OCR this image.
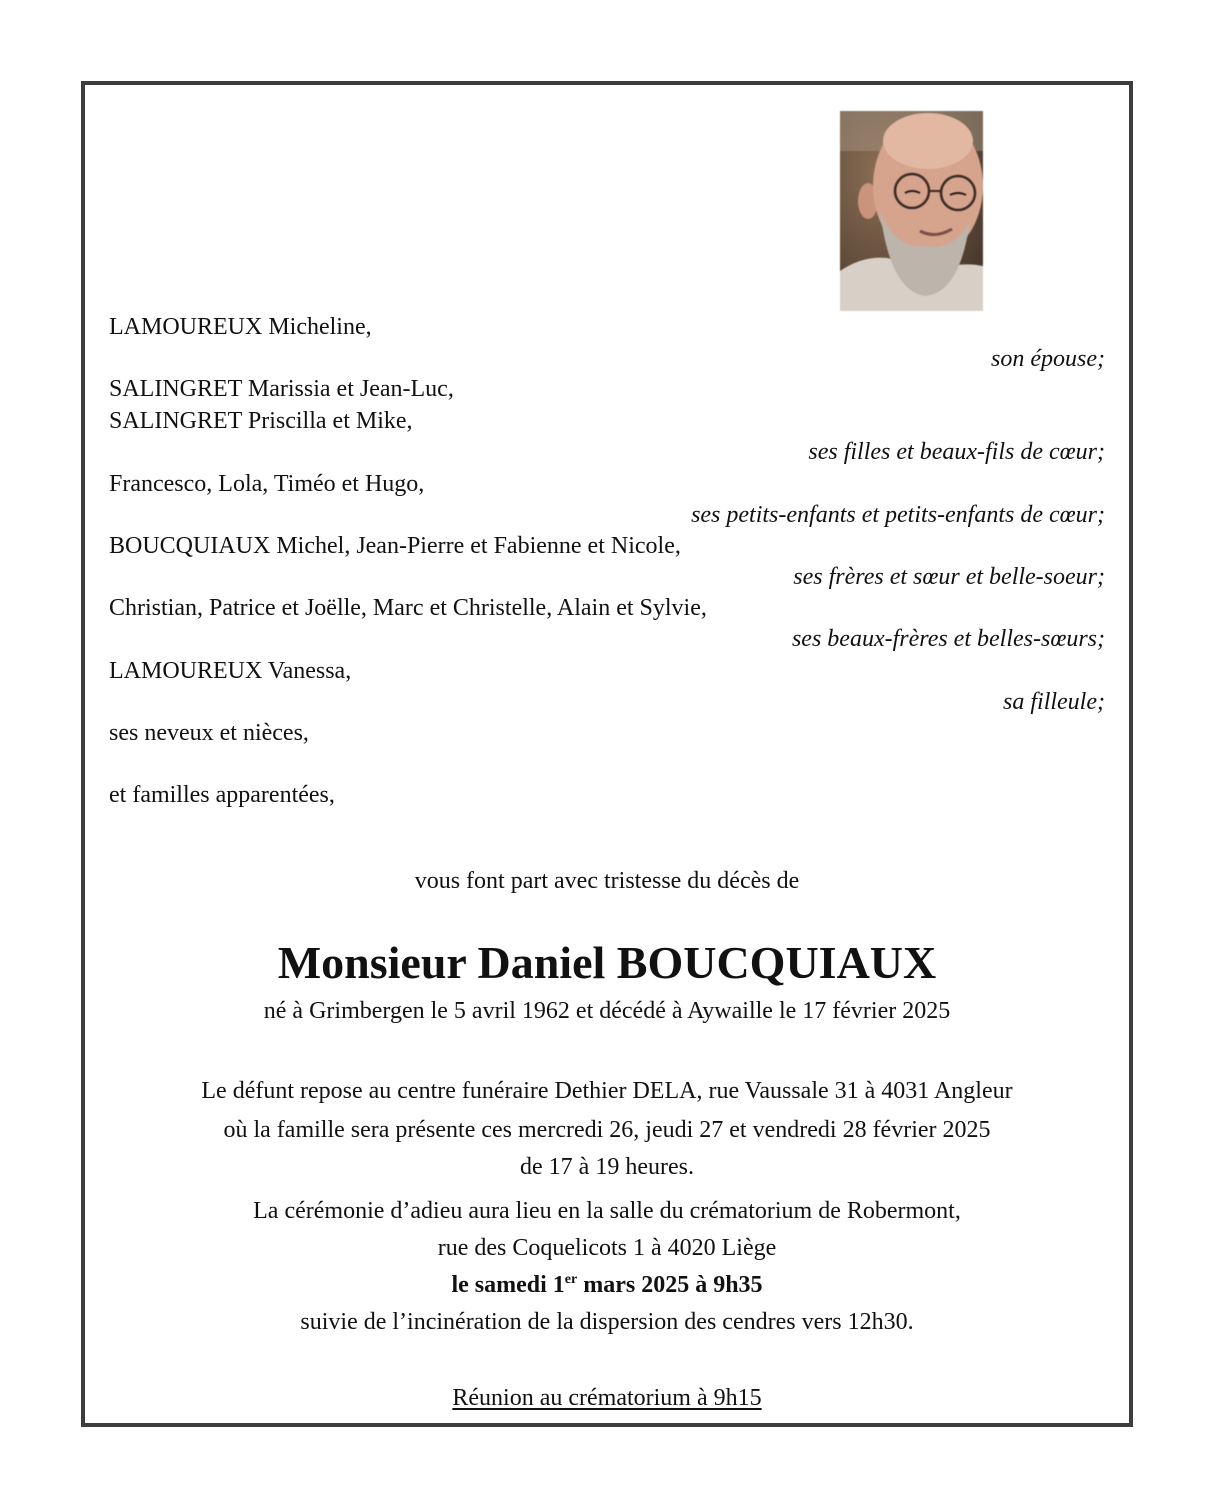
LAMOUREUX Micheline,
son épouse;
SALINGRET Marissia et Jean-Luc,
SALINGRET Priscilla et Mike,
ses filles et beaux-fils de cœur;
Francesco, Lola, Timéo et Hugo,
ses petits-enfants et petits-enfants de cœur;
BOUCQUIAUX Michel, Jean-Pierre et Fabienne et Nicole,
ses frères et sœur et belle-soeur;
Christian, Patrice et Joëlle, Marc et Christelle, Alain et Sylvie,
ses beaux-frères et belles-sœurs;
LAMOUREUX Vanessa,
sa filleule;
ses neveux et nièces,
et familles apparentées,
vous font part avec tristesse du décès de
Monsieur Daniel BOUCQUIAUX
né à Grimbergen le 5 avril 1962 et décédé à Aywaille le 17 février 2025
Le défunt repose au centre funéraire Dethier DELA, rue Vaussale 31 à 4031 Angleur
où la famille sera présente ces mercredi 26, jeudi 27 et vendredi 28 février 2025
de 17 à 19 heures.
La cérémonie d’adieu aura lieu en la salle du crématorium de Robermont,
rue des Coquelicots 1 à 4020 Liège
le samedi 1er mars 2025 à 9h35
suivie de l’incinération de la dispersion des cendres vers 12h30.
Réunion au crématorium à 9h15
